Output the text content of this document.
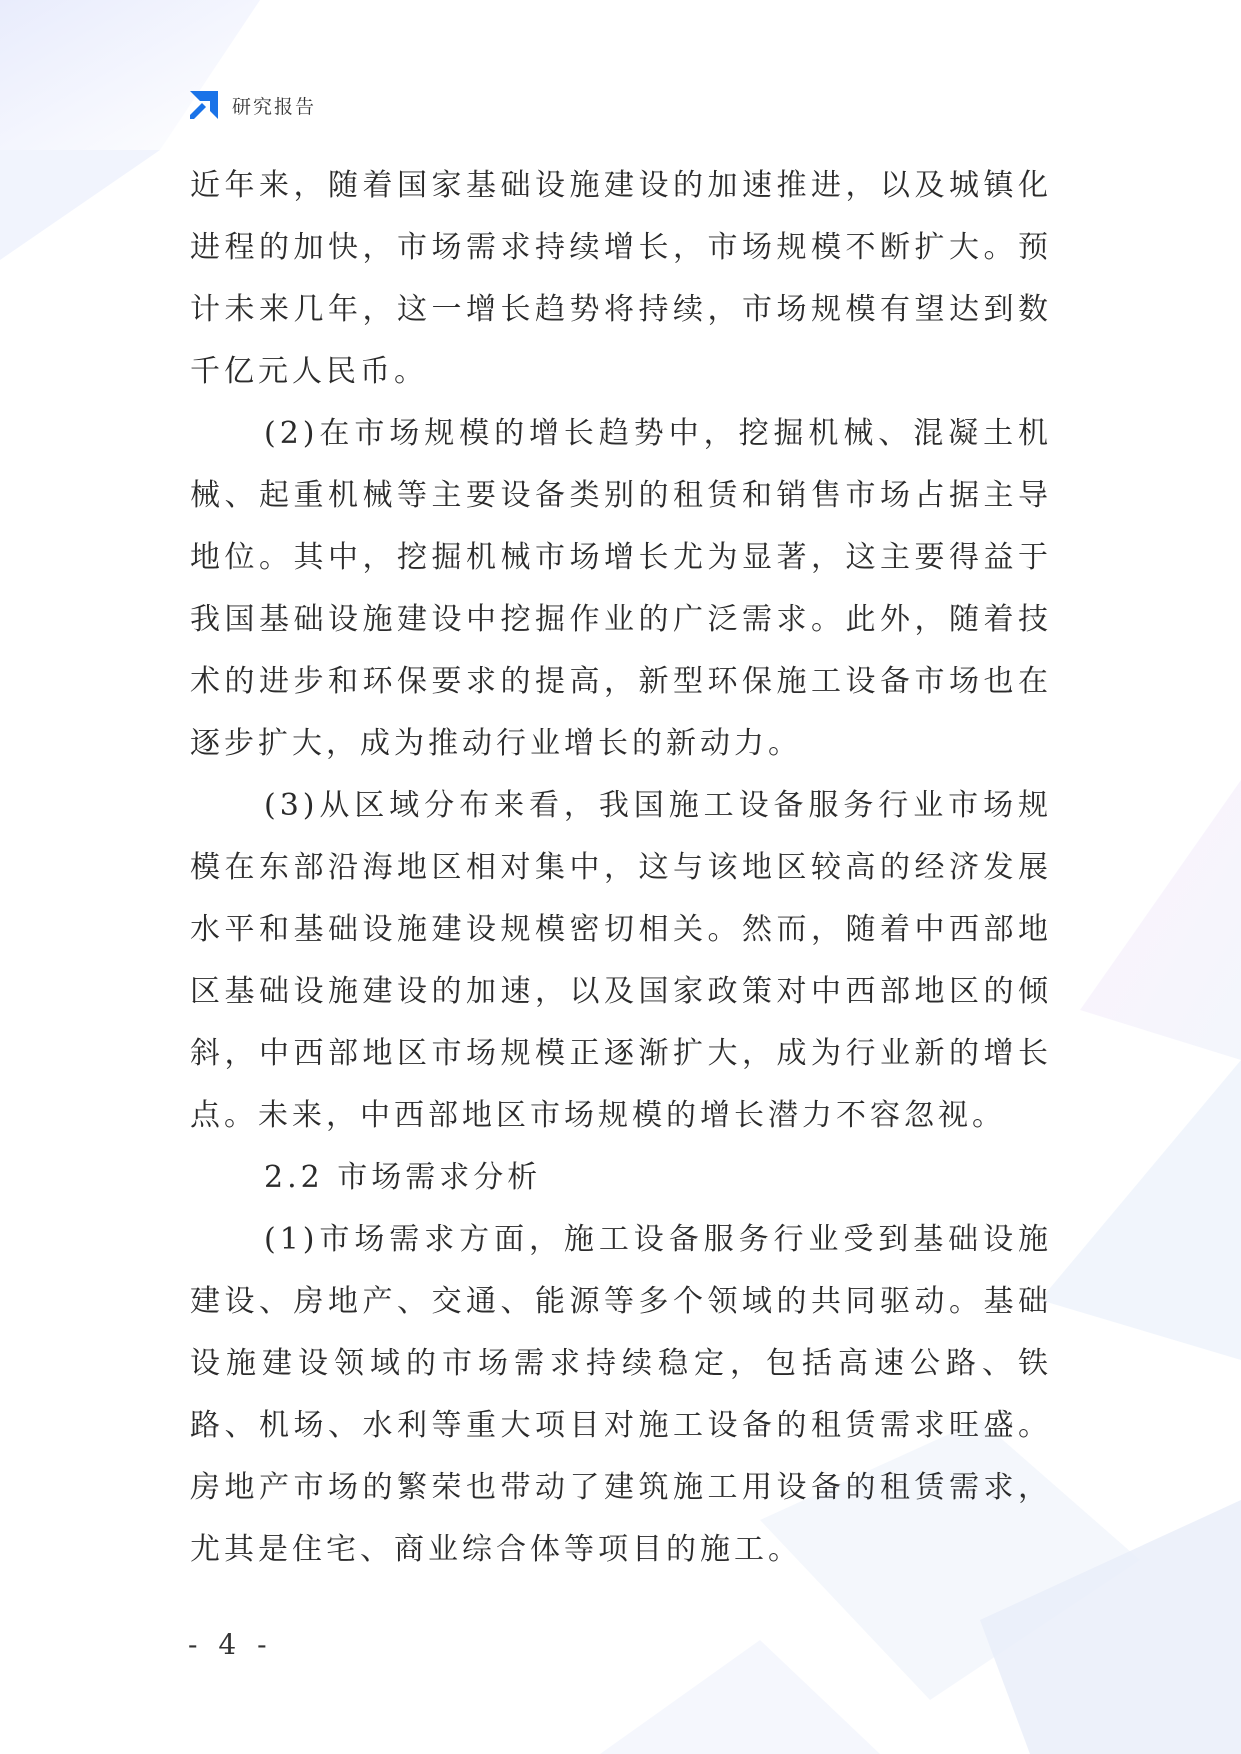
研究报告

近年来，随着国家基础设施建设的加速推进，以及城镇化进程的加快，市场需求持续增长，市场规模不断扩大。预计未来几年，这一增长趋势将持续，市场规模有望达到数千亿元人民币。

(2)在市场规模的增长趋势中，挖掘机械、混凝土机械、起重机械等主要设备类别的租赁和销售市场占据主导地位。其中，挖掘机械市场增长尤为显著，这主要得益于我国基础设施建设中挖掘作业的广泛需求。此外，随着技术的进步和环保要求的提高，新型环保施工设备市场也在逐步扩大，成为推动行业增长的新动力。

(3)从区域分布来看，我国施工设备服务行业市场规模在东部沿海地区相对集中，这与该地区较高的经济发展水平和基础设施建设规模密切相关。然而，随着中西部地区基础设施建设的加速，以及国家政策对中西部地区的倾斜，中西部地区市场规模正逐渐扩大，成为行业新的增长点。未来，中西部地区市场规模的增长潜力不容忽视。

2.2 市场需求分析

(1)市场需求方面，施工设备服务行业受到基础设施建设、房地产、交通、能源等多个领域的共同驱动。基础设施建设领域的市场需求持续稳定，包括高速公路、铁路、机场、水利等重大项目对施工设备的租赁需求旺盛。房地产市场的繁荣也带动了建筑施工用设备的租赁需求，尤其是住宅、商业综合体等项目的施工。

- 4 -
